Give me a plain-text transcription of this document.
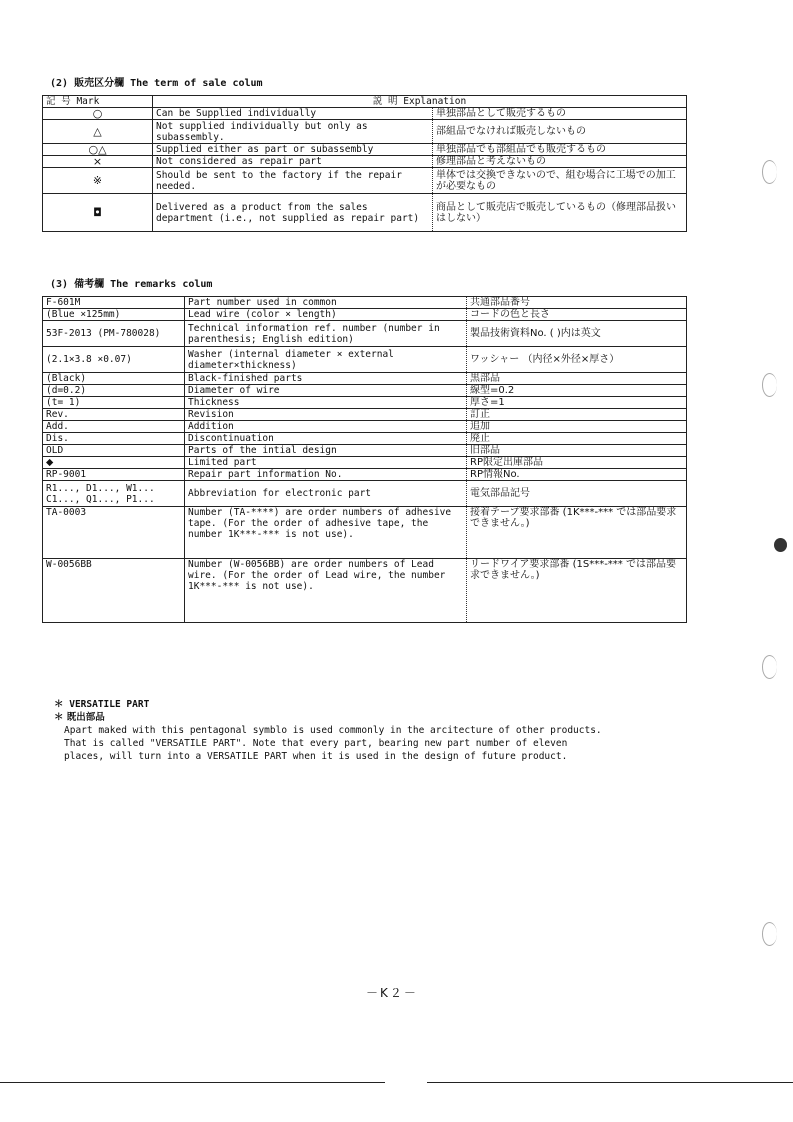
(2) 販売区分欄 The term of sale colum
記 号 Mark	説 明 Explanation	
○	Can be Supplied individually	単独部品として販売するもの
△	Not supplied individually but only as subassembly.	部組品でなければ販売しないもの
○△	Supplied either as part or subassembly	単独部品でも部組品でも販売するもの
×	Not considered as repair part	修理部品と考えないもの
※	Should be sent to the factory if the repair needed.	単体では交換できないので、組む場合に工場での加工が必要なもの
◘	Delivered as a product from the sales department (i.e., not supplied as repair part)	商品として販売店で販売しているもの（修理部品扱いはしない）
(3) 備考欄 The remarks colum
F-601M	Part number used in common	共通部品番号
(Blue ×125mm)	Lead wire (color × length)	コードの色と長さ
53F-2013 (PM-780028)	Technical information ref. number (number in parenthesis; English edition)	製品技術資料No. ( )内は英文
(2.1×3.8 ×0.07)	Washer (internal diameter × external diameter×thickness)	ワッシャー （内径×外径×厚さ）
(Black)	Black-finished parts	黒部品
(d=0.2)	Diameter of wire	線型=0.2
(t= 1)	Thickness	厚さ=1
Rev.	Revision	訂正
Add.	Addition	追加
Dis.	Discontinuation	廃止
OLD	Parts of the intial design	旧部品
◆	Limited part	RP限定出庫部品
RP-9001	Repair part information No.	RP情報No.
R1..., D1..., W1... C1..., Q1..., P1...	Abbreviation for electronic part	電気部品記号
TA-0003	Number (TA-****) are order numbers of adhesive tape. (For the order of adhesive tape, the number 1K***-*** is not use).	接着テープ要求部番 (1K***-*** では部品要求できません。)
W-0056BB	Number (W-0056BB) are order numbers of Lead wire. (For the order of Lead wire, the number 1K***-*** is not use).	リードワイア要求部番 (1S***-*** では部品要求できません。)
＊ VERSATILE PART
＊ 既出部品
Apart maked with this pentagonal symblo is used commonly in the arcitecture of other products.
That is called "VERSATILE PART". Note that every part, bearing new part number of eleven
places, will turn into a VERSATILE PART when it is used in the design of future product.
－K２－
